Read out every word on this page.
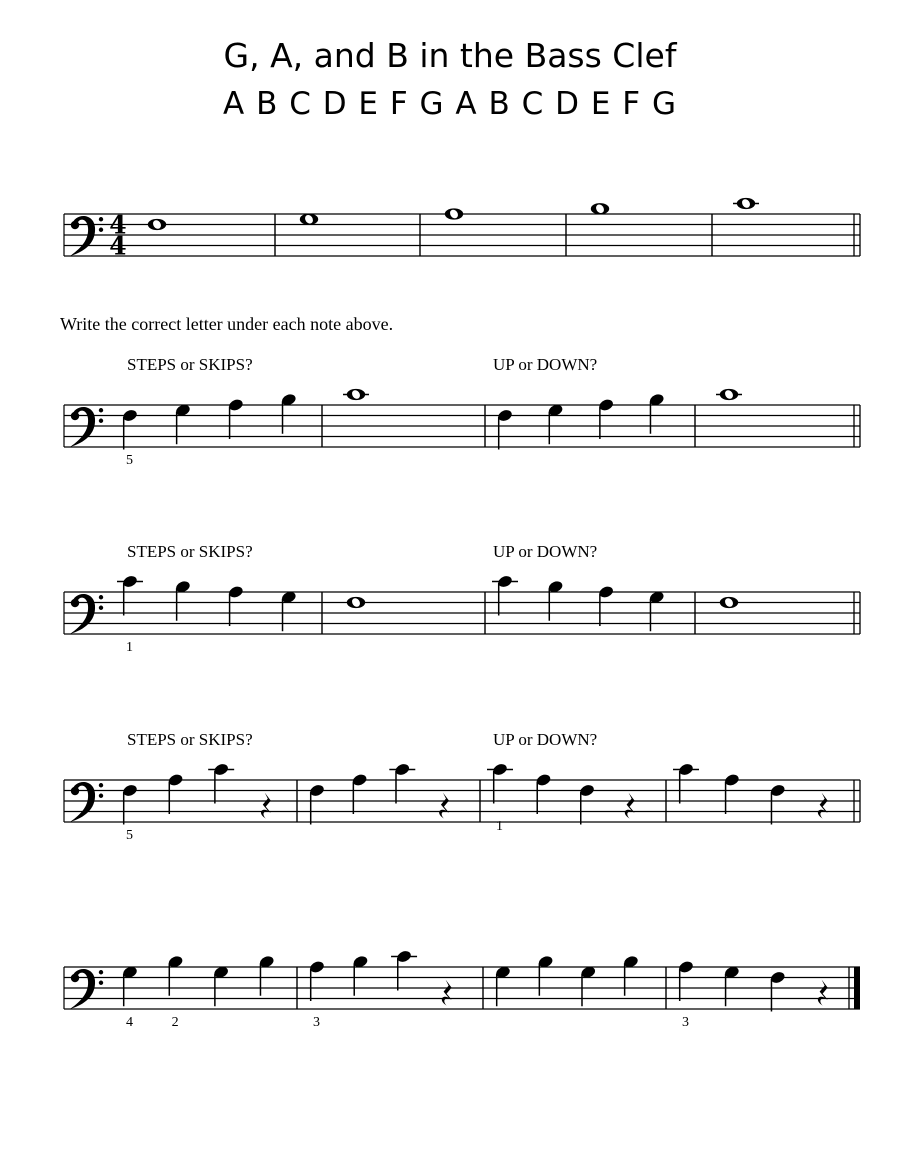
G, A, and B in the Bass Clef
A B C D E F G A B C D E F G
Write the correct letter under each note above.
STEPS or SKIPS?	UP or DOWN?
5
STEPS or SKIPS?	UP or DOWN?
1
STEPS or SKIPS?	UP or DOWN?
5
1
4	2	3	3
4
4
